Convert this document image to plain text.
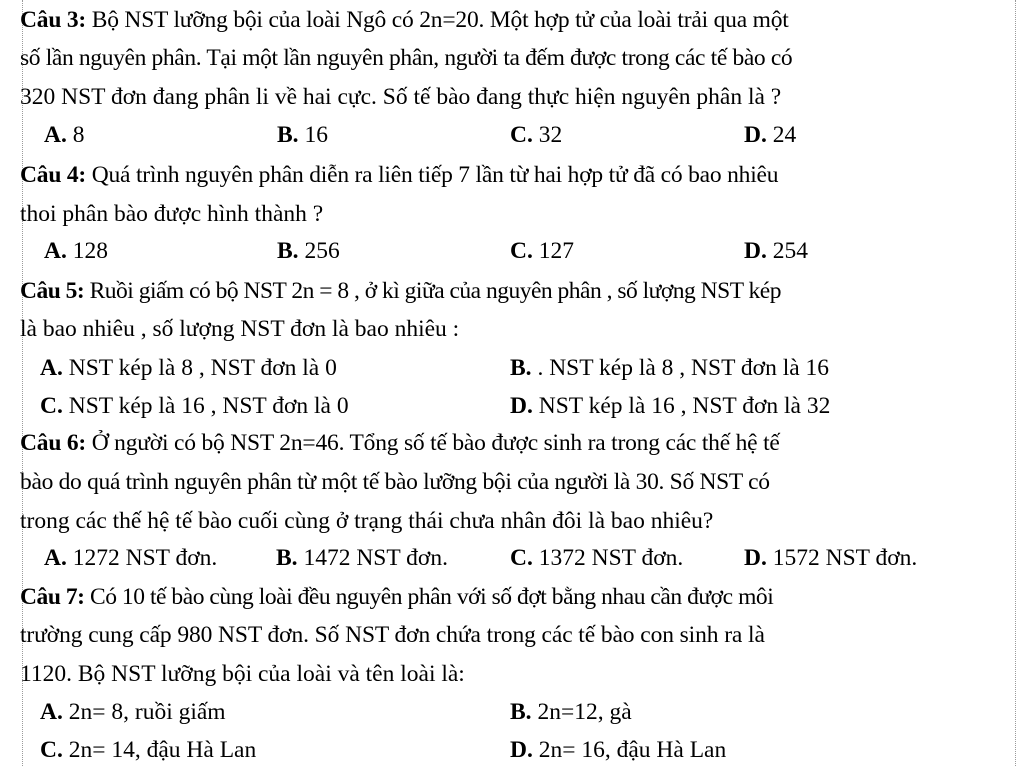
Câu 3: Bộ NST lưỡng bội của loài Ngô có 2n=20. Một hợp tử của loài trải qua một
số lần nguyên phân. Tại một lần nguyên phân, người ta đếm được trong các tế bào có
320 NST đơn đang phân li về hai cực. Số tế bào đang thực hiện nguyên phân là ?
A. 8	B. 16	C. 32	D. 24
Câu 4: Quá trình nguyên phân diễn ra liên tiếp 7 lần từ hai hợp tử đã có bao nhiêu
thoi phân bào được hình thành ?
A. 128	B. 256	C. 127	D. 254
Câu 5: Ruồi giấm có bộ NST 2n = 8 , ở kì giữa của nguyên phân , số lượng NST kép
là bao nhiêu , số lượng NST đơn là bao nhiêu :
A. NST kép là 8 , NST đơn là 0	B. . NST kép là 8 , NST đơn là 16
C. NST kép là 16 , NST đơn là 0	D. NST kép là 16 , NST đơn là 32
Câu 6: Ở người có bộ NST 2n=46. Tổng số tế bào được sinh ra trong các thế hệ tế
bào do quá trình nguyên phân từ một tế bào lưỡng bội của người là 30. Số NST có
trong các thế hệ tế bào cuối cùng ở trạng thái chưa nhân đôi là bao nhiêu?
A. 1272 NST đơn. B. 1472 NST đơn.	C. 1372 NST đơn.	D. 1572 NST đơn.
Câu 7: Có 10 tế bào cùng loài đều nguyên phân với số đợt bằng nhau cần được môi
trường cung cấp 980 NST đơn. Số NST đơn chứa trong các tế bào con sinh ra là
1120. Bộ NST lưỡng bội của loài và tên loài là:
A. 2n= 8, ruồi giấm	B. 2n=12, gà
C. 2n= 14, đậu Hà Lan	D. 2n= 16, đậu Hà Lan
